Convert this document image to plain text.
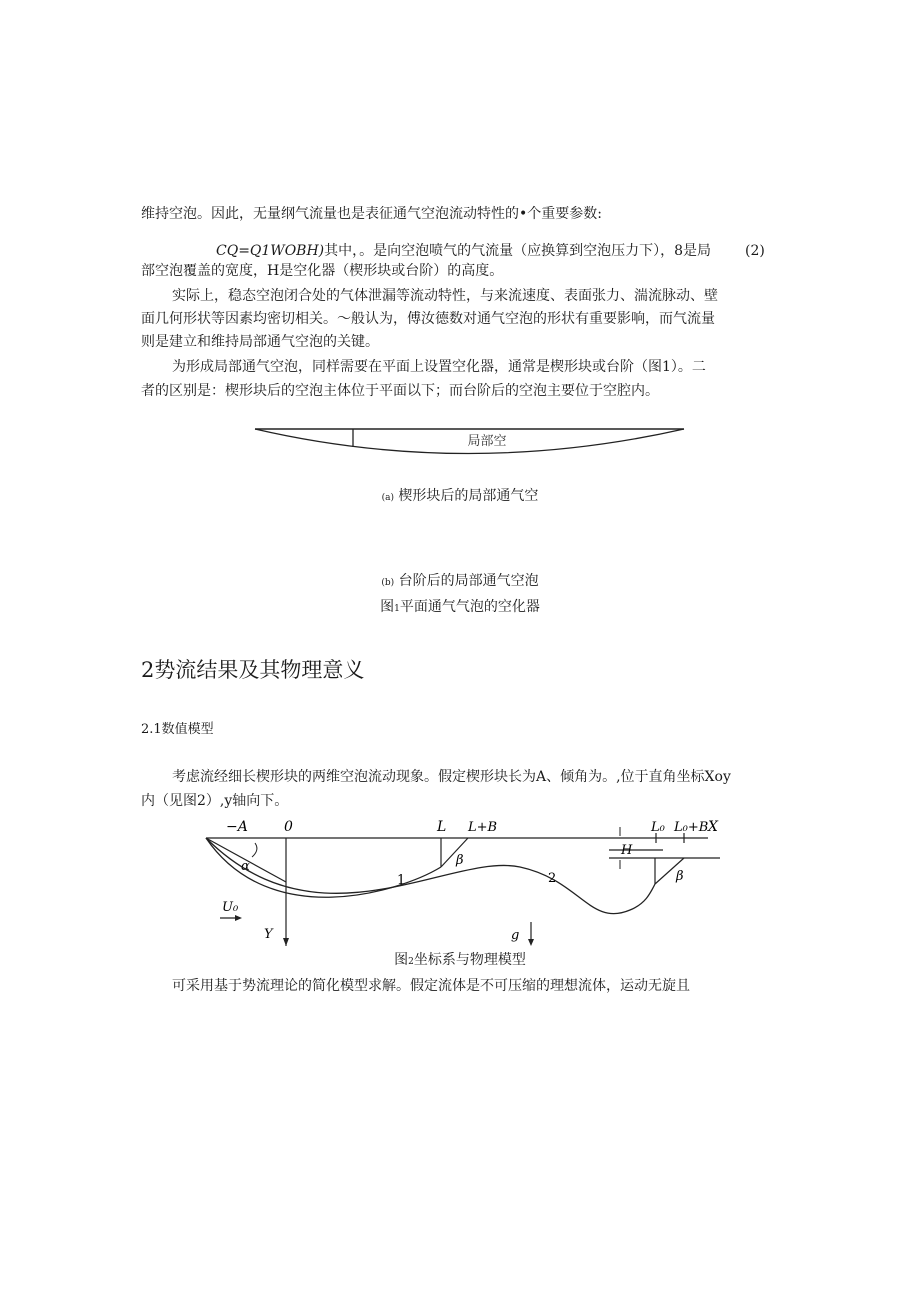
维持空泡。因此，无量纲气流量也是表征通气空泡流动特性的•个重要参数:

CQ=Q1WOBH)其中，。是向空泡喷气的气流量（应换算到空泡压力下），8是局 (2)

部空泡覆盖的宽度，H是空化器（楔形块或台阶）的高度。

实际上，稳态空泡闭合处的气体泄漏等流动特性，与来流速度、表面张力、湍流脉动、壁

面几何形状等因素均密切相关。～般认为，傅汝德数对通气空泡的形状有重要影响，而气流量

则是建立和维持局部通气空泡的关键。

为形成局部通气空泡，同样需要在平面上设置空化器，通常是楔形块或台阶（图1）。二

者的区别是：楔形块后的空泡主体位于平面以下；而台阶后的空泡主要位于空腔内。

局部空

(a) 楔形块后的局部通气空

(b) 台阶后的局部通气空泡

图1平面通气气泡的空化器

2势流结果及其物理意义

2.1数值模型

考虑流经细长楔形块的两维空泡流动现象。假定楔形块长为A、倾角为。,位于直角坐标Xoy

内（见图2）,y轴向下。

−A	0	L L+B	L₀ L₀+B X
H
α	β
β
1	2
U₀
Y	g

图2坐标系与物理模型

可采用基于势流理论的简化模型求解。假定流体是不可压缩的理想流体，运动无旋且
